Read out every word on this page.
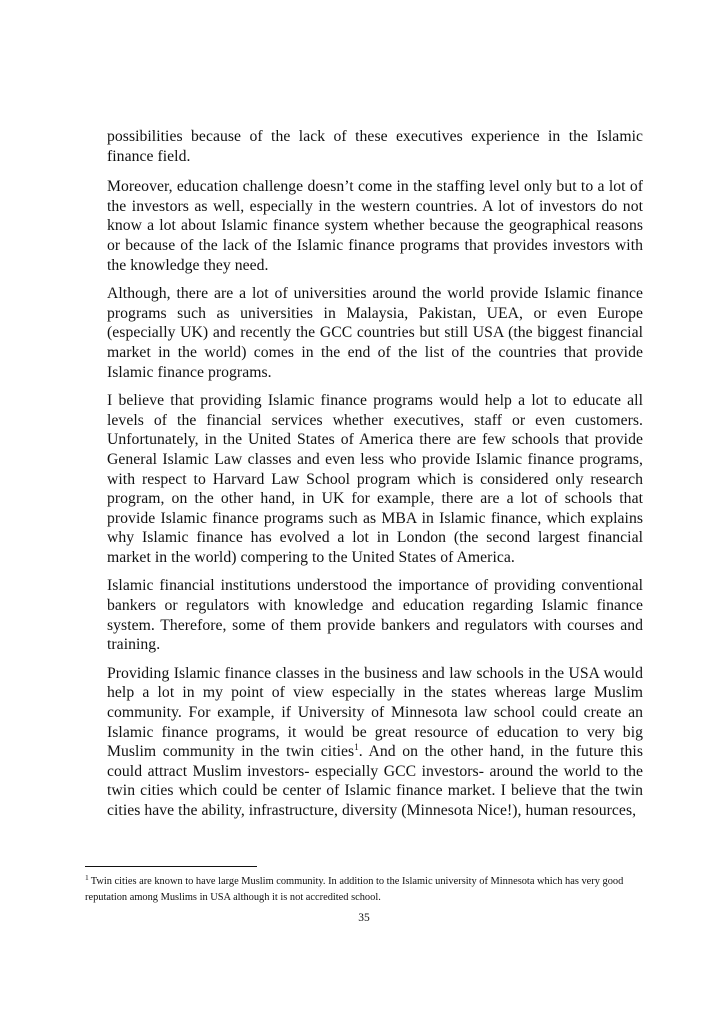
possibilities because of the lack of these executives experience in the Islamic finance field.

Moreover, education challenge doesn’t come in the staffing level only but to a lot of the investors as well, especially in the western countries. A lot of investors do not know a lot about Islamic finance system whether because the geographical reasons or because of the lack of the Islamic finance programs that provides investors with the knowledge they need.

Although, there are a lot of universities around the world provide Islamic finance programs such as universities in Malaysia, Pakistan, UEA, or even Europe (especially UK) and recently the GCC countries but still USA (the biggest financial market in the world) comes in the end of the list of the countries that provide Islamic finance programs.

I believe that providing Islamic finance programs would help a lot to educate all levels of the financial services whether executives, staff or even customers. Unfortunately, in the United States of America there are few schools that provide General Islamic Law classes and even less who provide Islamic finance programs, with respect to Harvard Law School program which is considered only research program, on the other hand, in UK for example, there are a lot of schools that provide Islamic finance programs such as MBA in Islamic finance, which explains why Islamic finance has evolved a lot in London (the second largest financial market in the world) compering to the United States of America.

Islamic financial institutions understood the importance of providing conventional bankers or regulators with knowledge and education regarding Islamic finance system. Therefore, some of them provide bankers and regulators with courses and training.

Providing Islamic finance classes in the business and law schools in the USA would help a lot in my point of view especially in the states whereas large Muslim community. For example, if University of Minnesota law school could create an Islamic finance programs, it would be great resource of education to very big Muslim community in the twin cities$^1$. And on the other hand, in the future this could attract Muslim investors- especially GCC investors- around the world to the twin cities which could be center of Islamic finance market. I believe that the twin cities have the ability, infrastructure, diversity (Minnesota Nice!), human resources,

$^1$ Twin cities are known to have large Muslim community. In addition to the Islamic university of Minnesota which has very good reputation among Muslims in USA although it is not accredited school.
35
